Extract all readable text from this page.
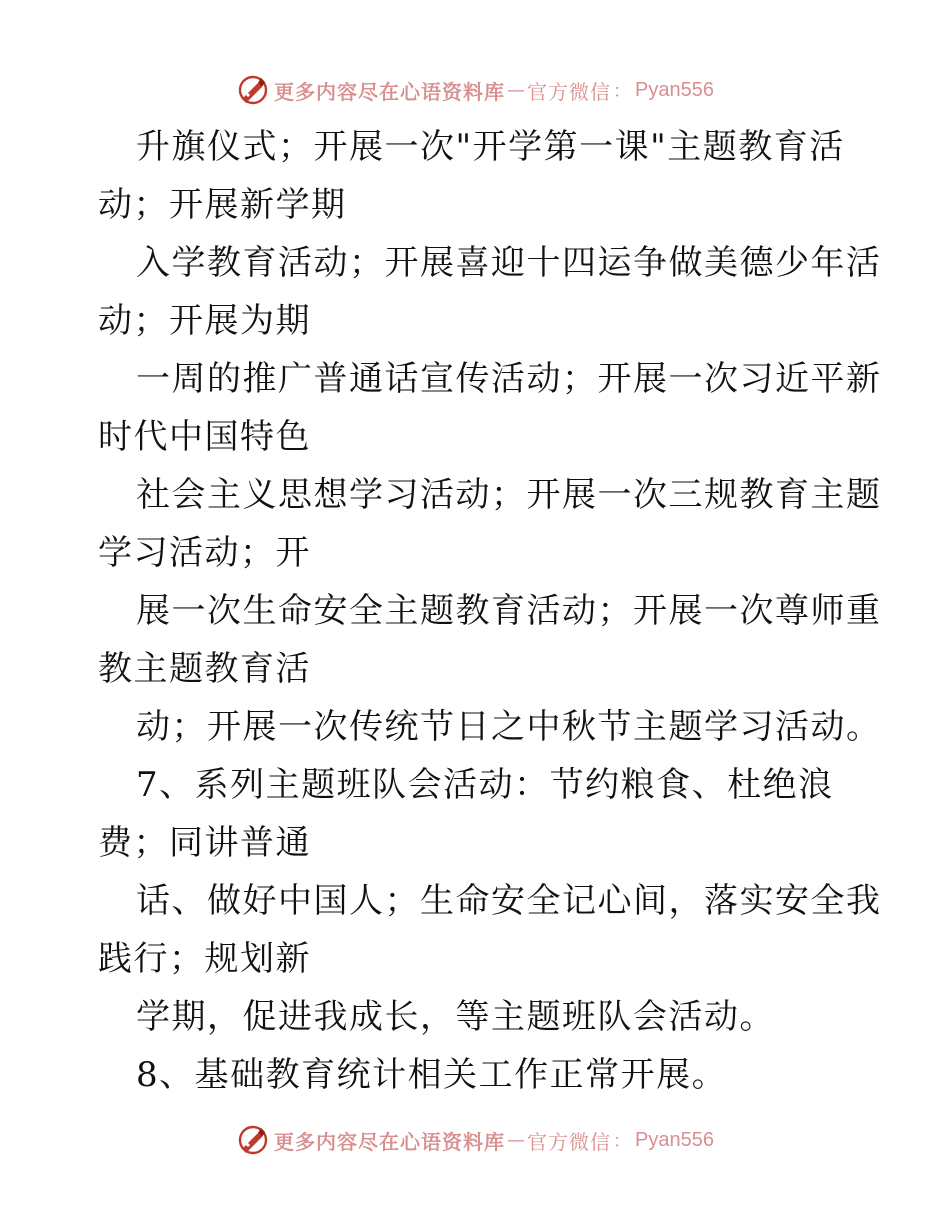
更多内容尽在心语资料库 — 官方微信 ： Pyan556
升旗仪式；开展一次"开学第一课"主题教育活
动；开展新学期
入学教育活动；开展喜迎十四运争做美德少年活
动；开展为期
一周的推广普通话宣传活动；开展一次习近平新
时代中国特色
社会主义思想学习活动；开展一次三规教育主题
学习活动；开
展一次生命安全主题教育活动；开展一次尊师重
教主题教育活
动；开展一次传统节日之中秋节主题学习活动。
7、系列主题班队会活动：节约粮食、杜绝浪
费；同讲普通
话、做好中国人；生命安全记心间，落实安全我
践行；规划新
学期，促进我成长，等主题班队会活动。
8、基础教育统计相关工作正常开展。
更多内容尽在心语资料库 — 官方微信 ： Pyan556
